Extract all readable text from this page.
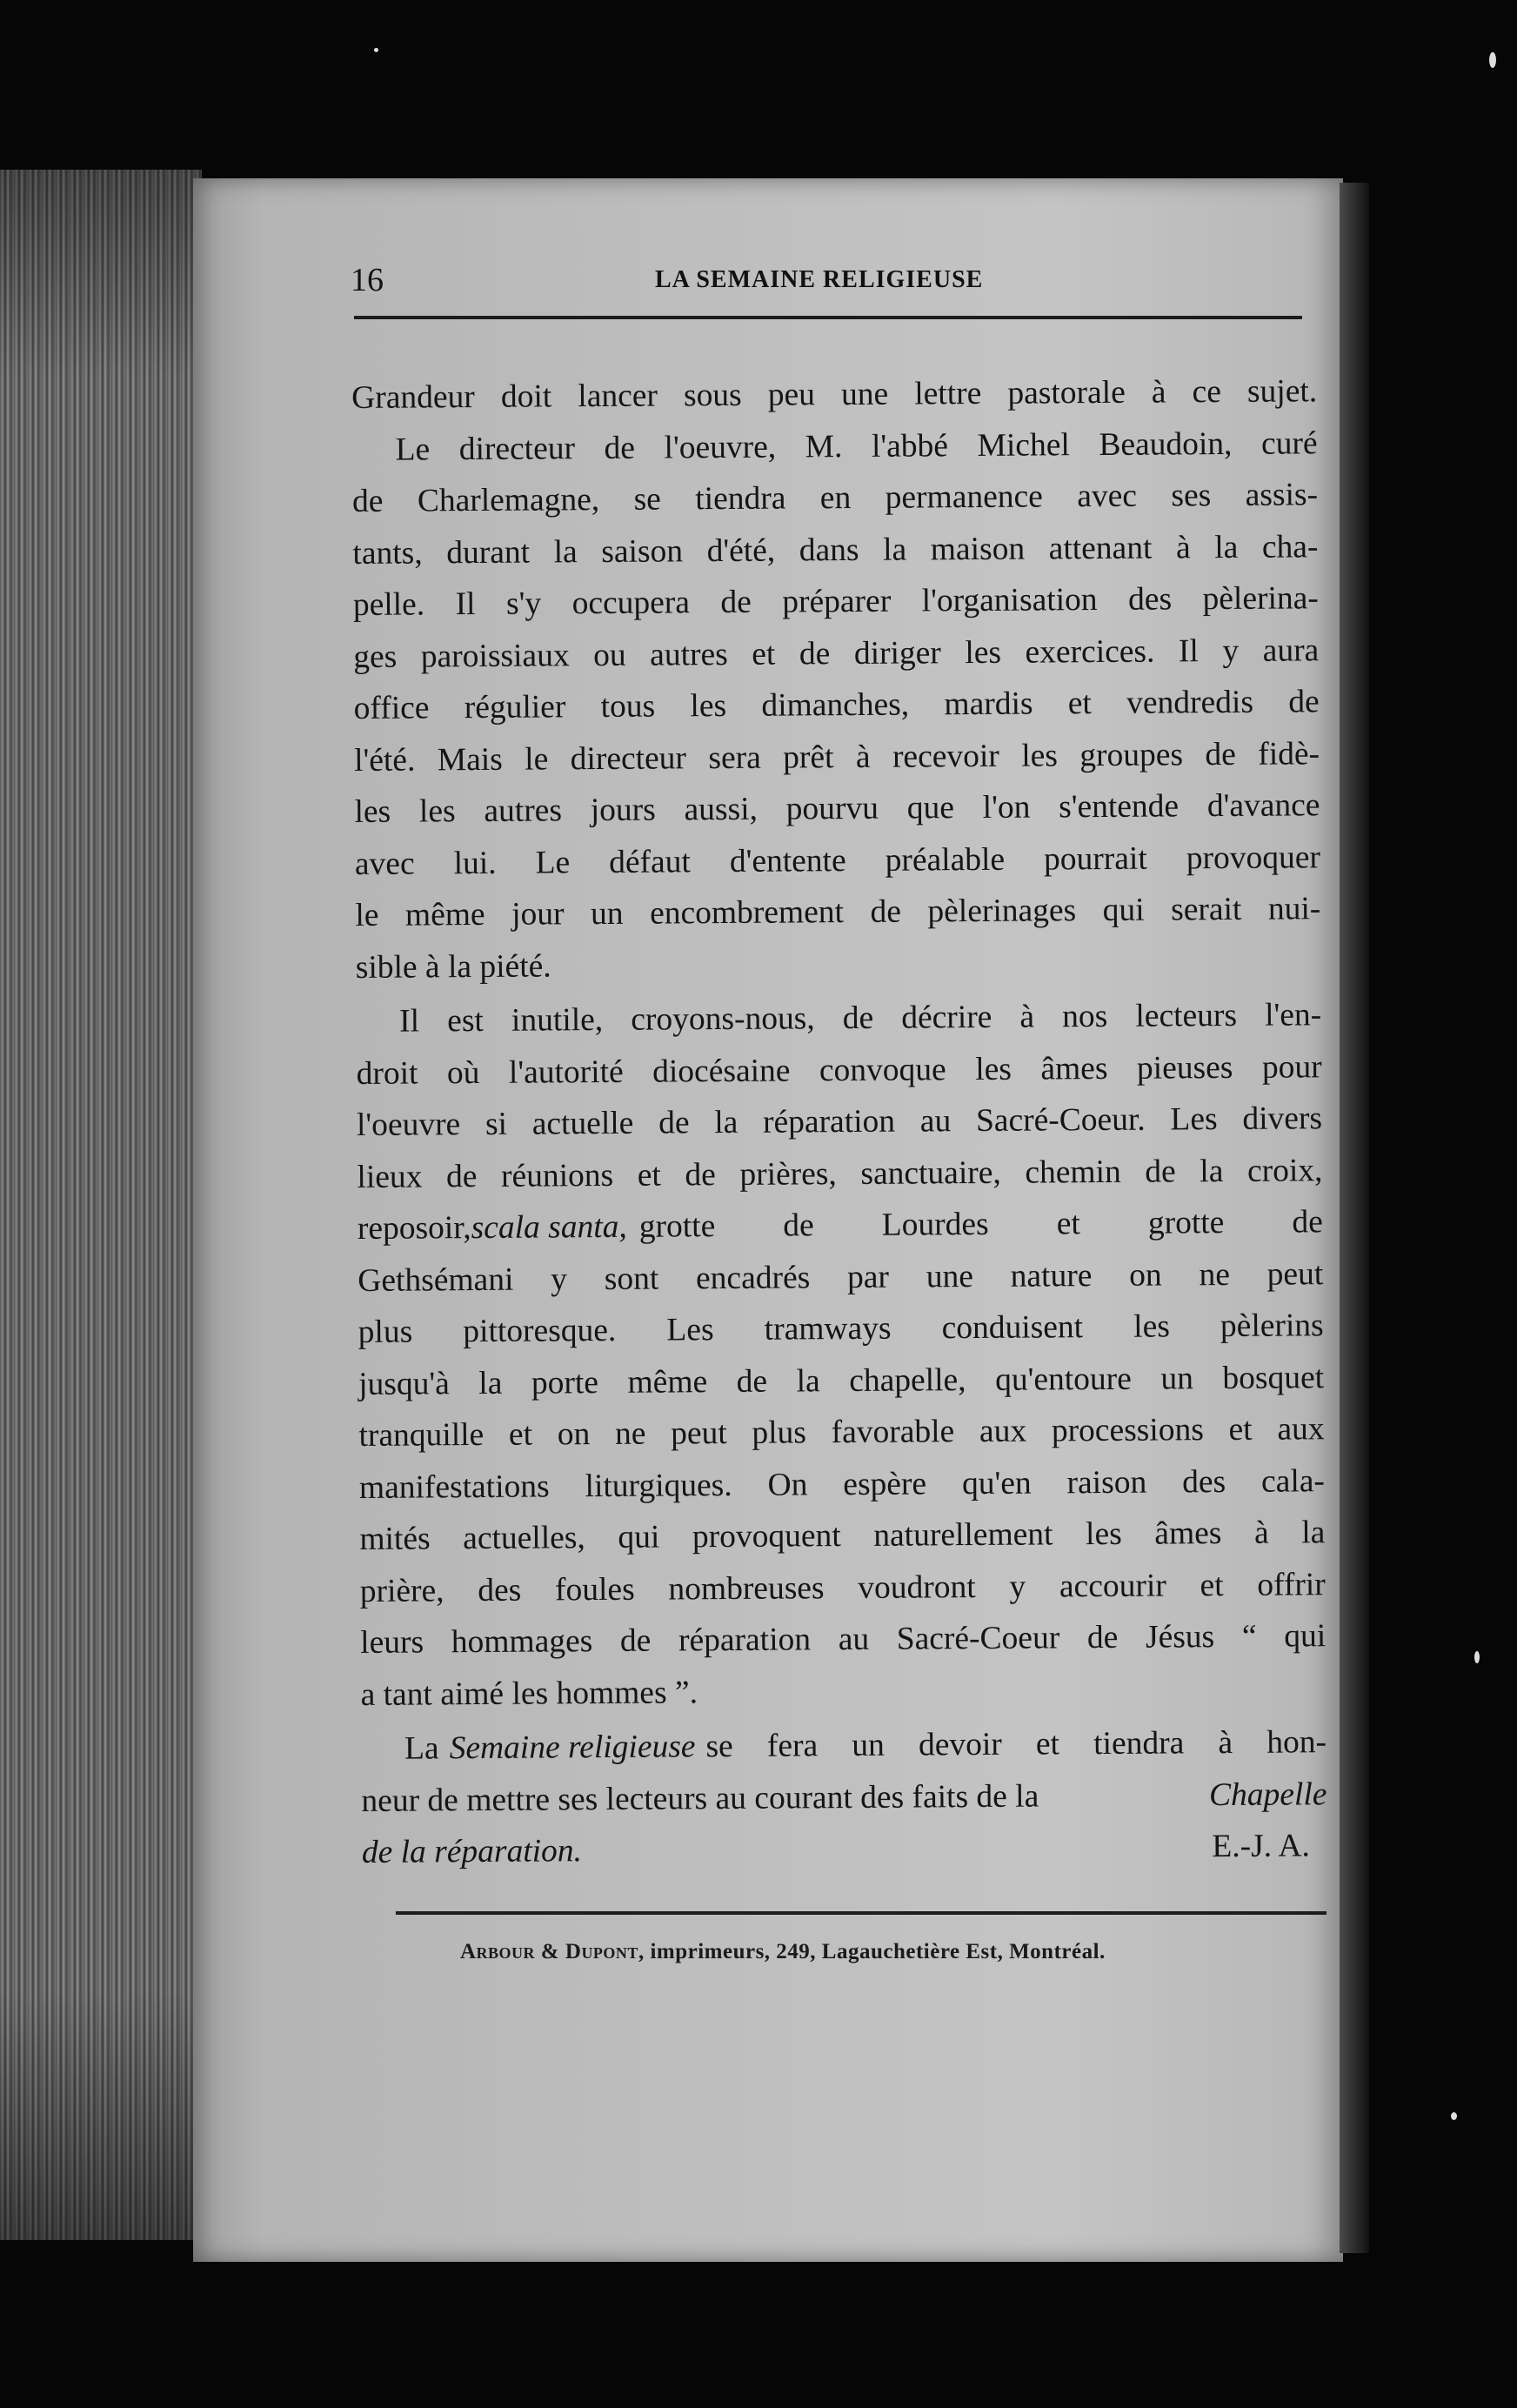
16	LA SEMAINE RELIGIEUSE
Grandeur doit lancer sous peu une lettre pastorale à ce sujet.
Le directeur de l'oeuvre, M. l'abbé Michel Beaudoin, curé
de Charlemagne, se tiendra en permanence avec ses assis-
tants, durant la saison d'été, dans la maison attenant à la cha-
pelle. Il s'y occupera de préparer l'organisation des pèlerina-
ges paroissiaux ou autres et de diriger les exercices. Il y aura
office régulier tous les dimanches, mardis et vendredis de
l'été. Mais le directeur sera prêt à recevoir les groupes de fidè-
les les autres jours aussi, pourvu que l'on s'entende d'avance
avec lui. Le défaut d'entente préalable pourrait provoquer
le même jour un encombrement de pèlerinages qui serait nui-
sible à la piété.
Il est inutile, croyons-nous, de décrire à nos lecteurs l'en-
droit où l'autorité diocésaine convoque les âmes pieuses pour
l'oeuvre si actuelle de la réparation au Sacré-Coeur. Les divers
lieux de réunions et de prières, sanctuaire, chemin de la croix,
reposoir, scala santa, grotte de Lourdes et grotte de
Gethsémani y sont encadrés par une nature on ne peut
plus pittoresque. Les tramways conduisent les pèlerins
jusqu'à la porte même de la chapelle, qu'entoure un bosquet
tranquille et on ne peut plus favorable aux processions et aux
manifestations liturgiques. On espère qu'en raison des cala-
mités actuelles, qui provoquent naturellement les âmes à la
prière, des foules nombreuses voudront y accourir et offrir
leurs hommages de réparation au Sacré-Coeur de Jésus “ qui
a tant aimé les hommes ”.
La Semaine religieuse se fera un devoir et tiendra à hon-
neur de mettre ses lecteurs au courant des faits de la	Chapelle
de la réparation.	E.-J. A.
Arbour & Dupont, imprimeurs, 249, Lagauchetière Est, Montréal.
